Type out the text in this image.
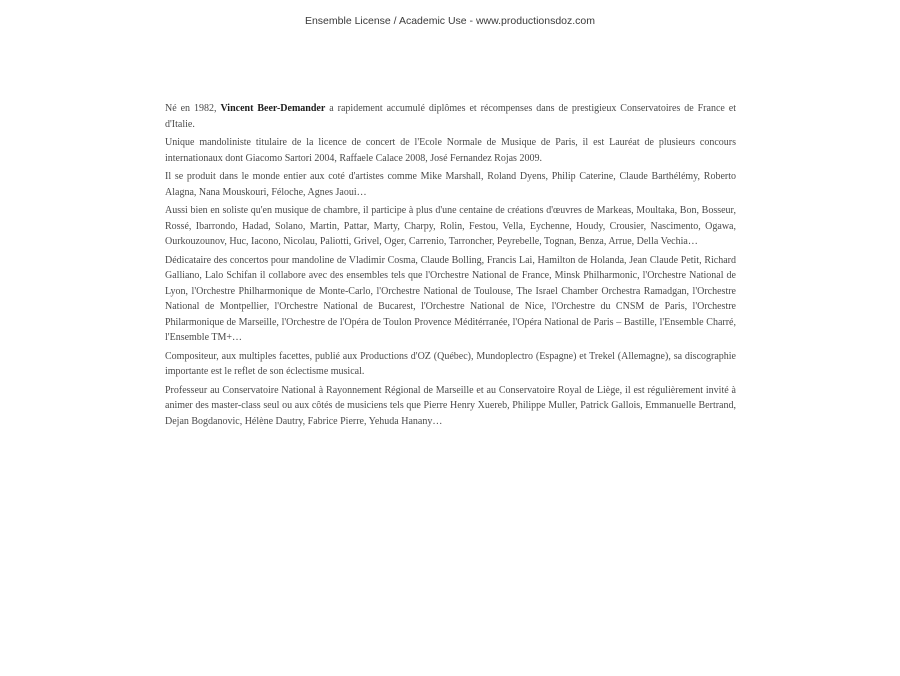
Ensemble License / Academic Use - www.productionsdoz.com

Né en 1982, Vincent Beer-Demander a rapidement accumulé diplômes et récompenses dans de prestigieux Conservatoires de France et d'Italie.

Unique mandoliniste titulaire de la licence de concert de l'Ecole Normale de Musique de Paris, il est Lauréat de plusieurs concours internationaux dont Giacomo Sartori 2004, Raffaele Calace 2008, José Fernandez Rojas 2009.

Il se produit dans le monde entier aux coté d'artistes comme Mike Marshall, Roland Dyens, Philip Caterine, Claude Barthélémy, Roberto Alagna, Nana Mouskouri, Féloche, Agnes Jaoui…

Aussi bien en soliste qu'en musique de chambre, il participe à plus d'une centaine de créations d'œuvres de Markeas, Moultaka, Bon, Bosseur, Rossé, Ibarrondo, Hadad, Solano, Martin, Pattar, Marty, Charpy, Rolin, Festou, Vella, Eychenne, Houdy, Crousier, Nascimento, Ogawa, Ourkouzounov, Huc, Iacono, Nicolau, Paliotti, Grivel, Oger, Carrenio, Tarroncher, Peyrebelle, Tognan, Benza, Arrue, Della Vechia…

Dédicataire des concertos pour mandoline de Vladimir Cosma, Claude Bolling, Francis Lai, Hamilton de Holanda, Jean Claude Petit, Richard Galliano, Lalo Schifan il collabore avec des ensembles tels que l'Orchestre National de France, Minsk Philharmonic, l'Orchestre National de Lyon, l'Orchestre Philharmonique de Monte-Carlo, l'Orchestre National de Toulouse, The Israel Chamber Orchestra Ramadgan, l'Orchestre National de Montpellier, l'Orchestre National de Bucarest, l'Orchestre National de Nice, l'Orchestre du CNSM de Paris, l'Orchestre Philarmonique de Marseille, l'Orchestre de l'Opéra de Toulon Provence Méditérranée, l'Opéra National de Paris – Bastille, l'Ensemble Charré, l'Ensemble TM+…

Compositeur, aux multiples facettes, publié aux Productions d'OZ (Québec), Mundoplectro (Espagne) et Trekel (Allemagne), sa discographie importante est le reflet de son éclectisme musical.

Professeur au Conservatoire National à Rayonnement Régional de Marseille et au Conservatoire Royal de Liège, il est régulièrement invité à animer des master-class seul ou aux côtés de musiciens tels que Pierre Henry Xuereb, Philippe Muller, Patrick Gallois, Emmanuelle Bertrand, Dejan Bogdanovic, Hélène Dautry, Fabrice Pierre, Yehuda Hanany…
